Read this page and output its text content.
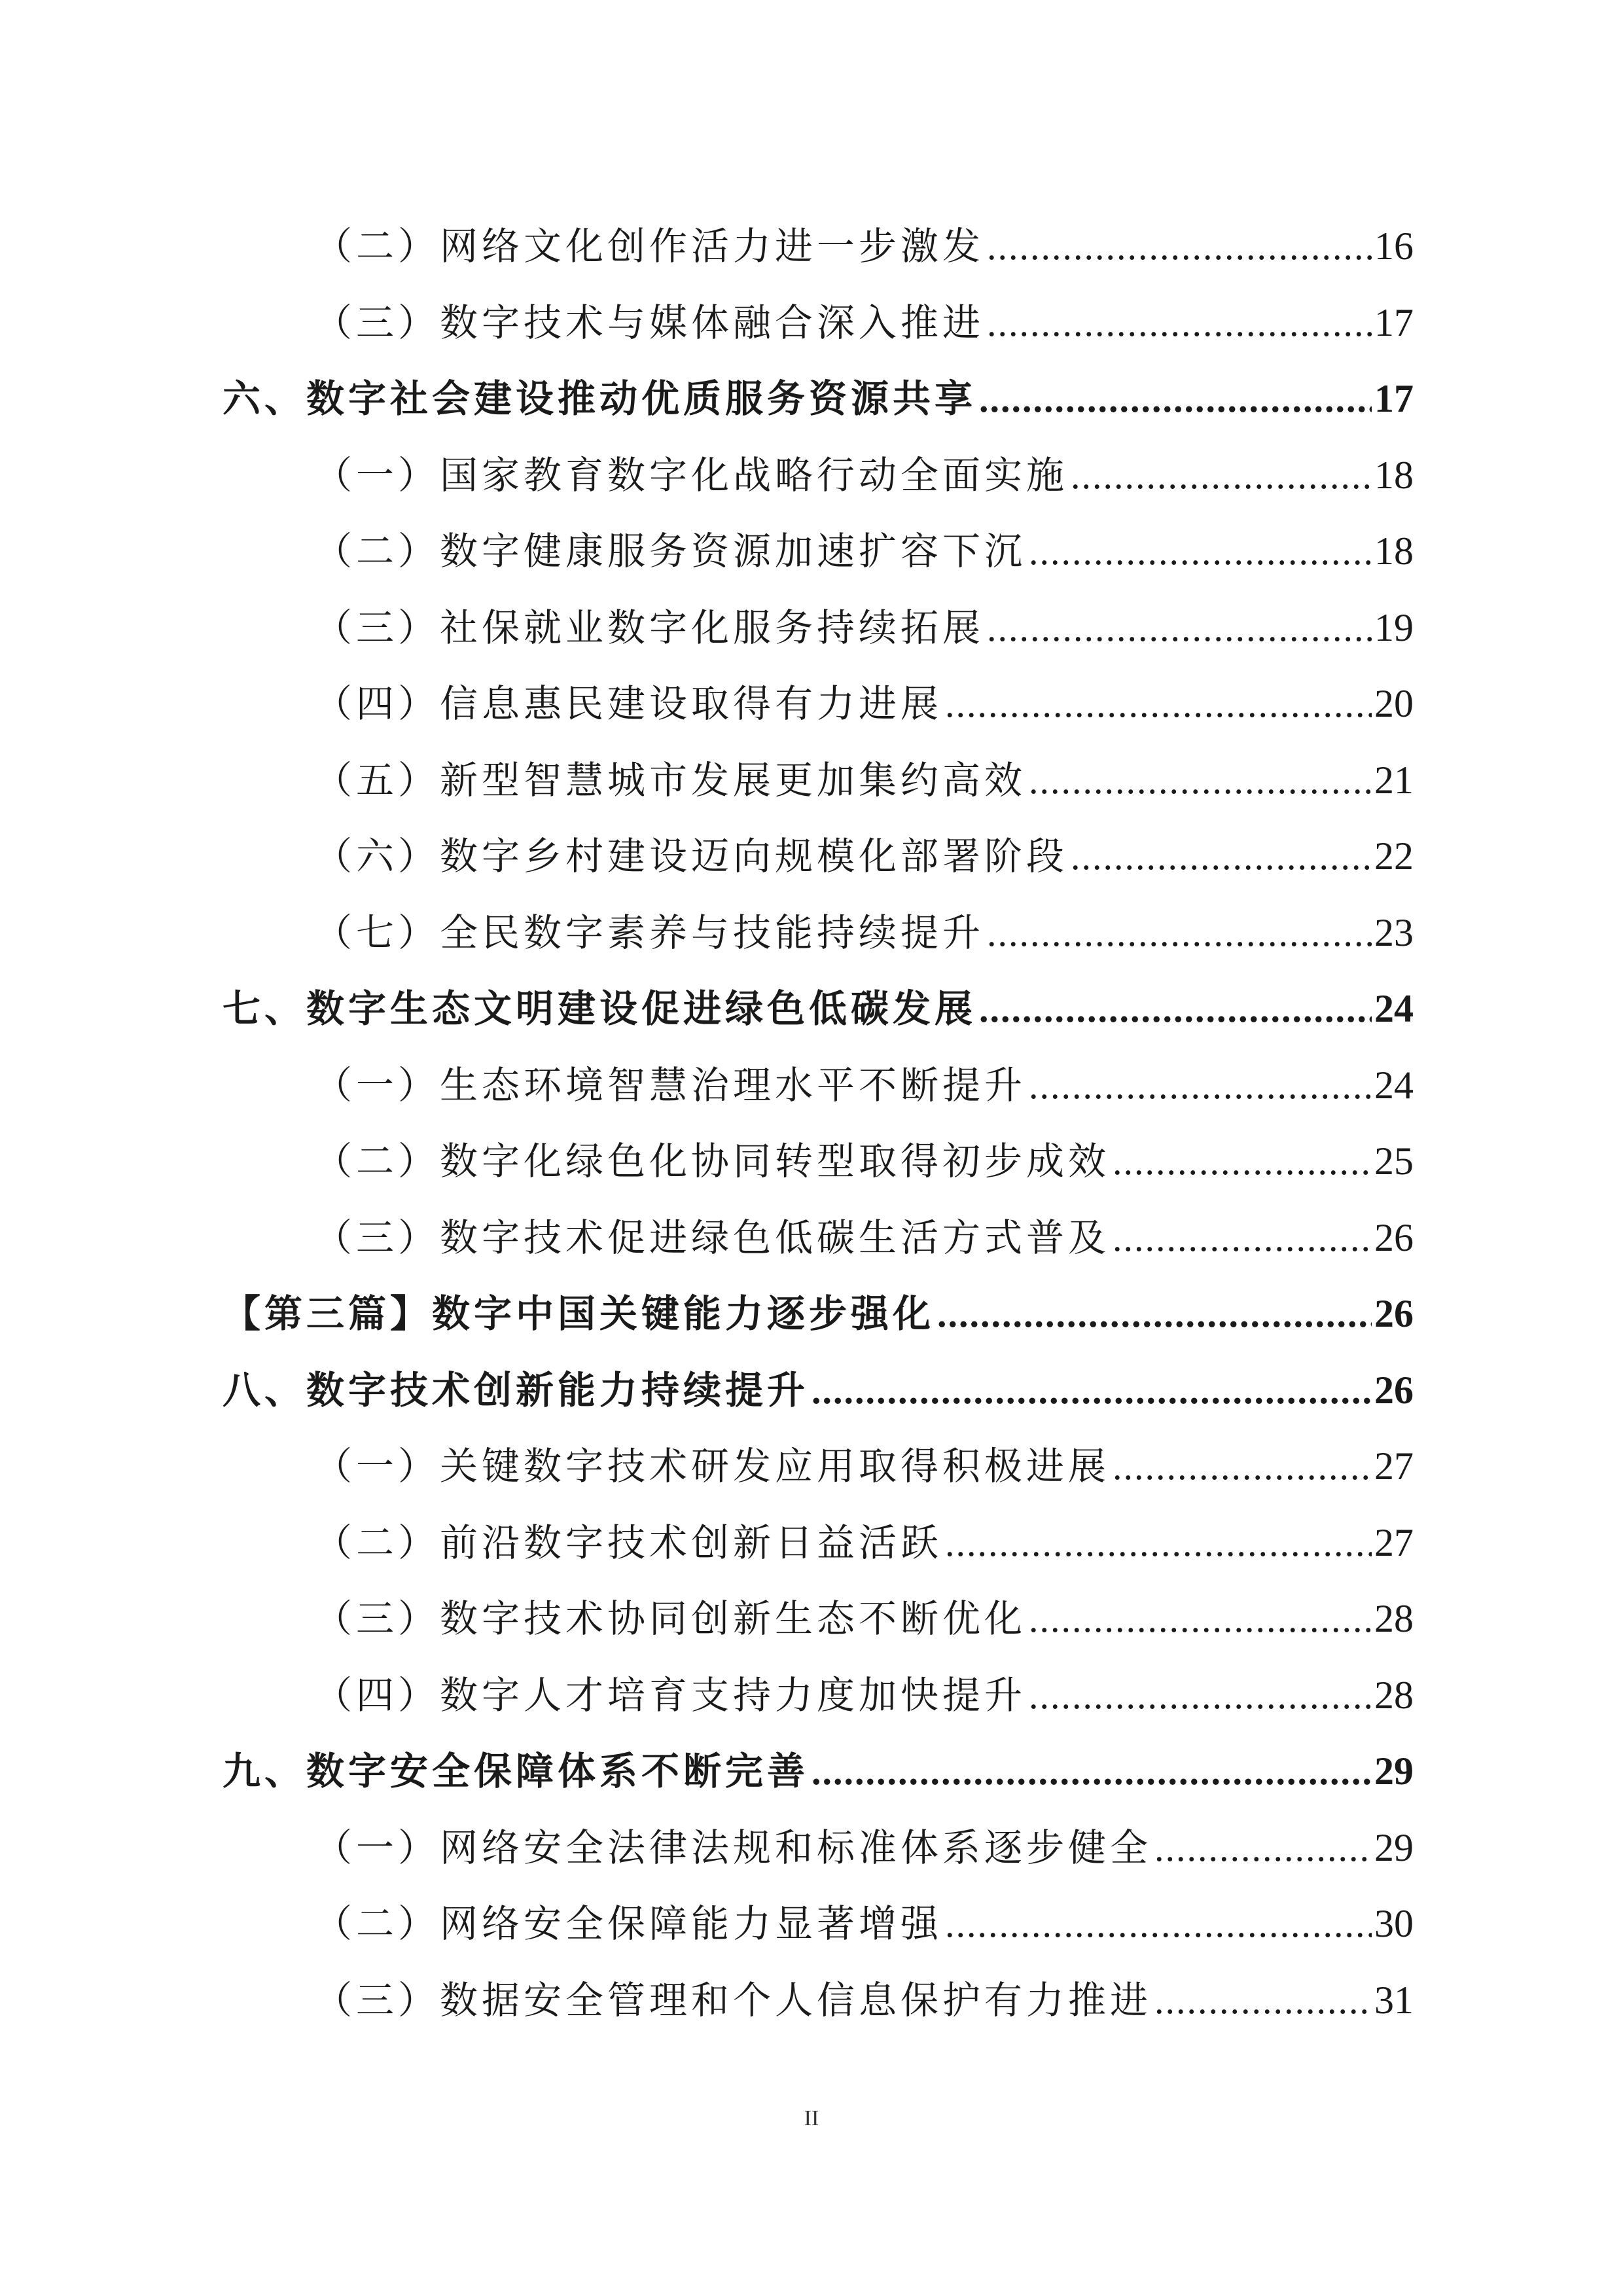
（二）网络文化创作活力进一步激发 .....	16
（三）数字技术与媒体融合深入推进 .....	17
六、数字社会建设推动优质服务资源共享 .....	17
（一）国家教育数字化战略行动全面实施 .....	18
（二）数字健康服务资源加速扩容下沉 .....	18
（三）社保就业数字化服务持续拓展 .....	19
（四）信息惠民建设取得有力进展 .....	20
（五）新型智慧城市发展更加集约高效 .....	21
（六）数字乡村建设迈向规模化部署阶段 .....	22
（七）全民数字素养与技能持续提升 .....	23
七、数字生态文明建设促进绿色低碳发展 .....	24
（一）生态环境智慧治理水平不断提升 .....	24
（二）数字化绿色化协同转型取得初步成效 .....	25
（三）数字技术促进绿色低碳生活方式普及 .....	26
【第三篇】数字中国关键能力逐步强化 .....	26
八、数字技术创新能力持续提升 .....	26
（一）关键数字技术研发应用取得积极进展 .....	27
（二）前沿数字技术创新日益活跃 .....	27
（三）数字技术协同创新生态不断优化 .....	28
（四）数字人才培育支持力度加快提升 .....	28
九、数字安全保障体系不断完善 .....	29
（一）网络安全法律法规和标准体系逐步健全 .....	29
（二）网络安全保障能力显著增强 .....	30
（三）数据安全管理和个人信息保护有力推进 .....	31
II
